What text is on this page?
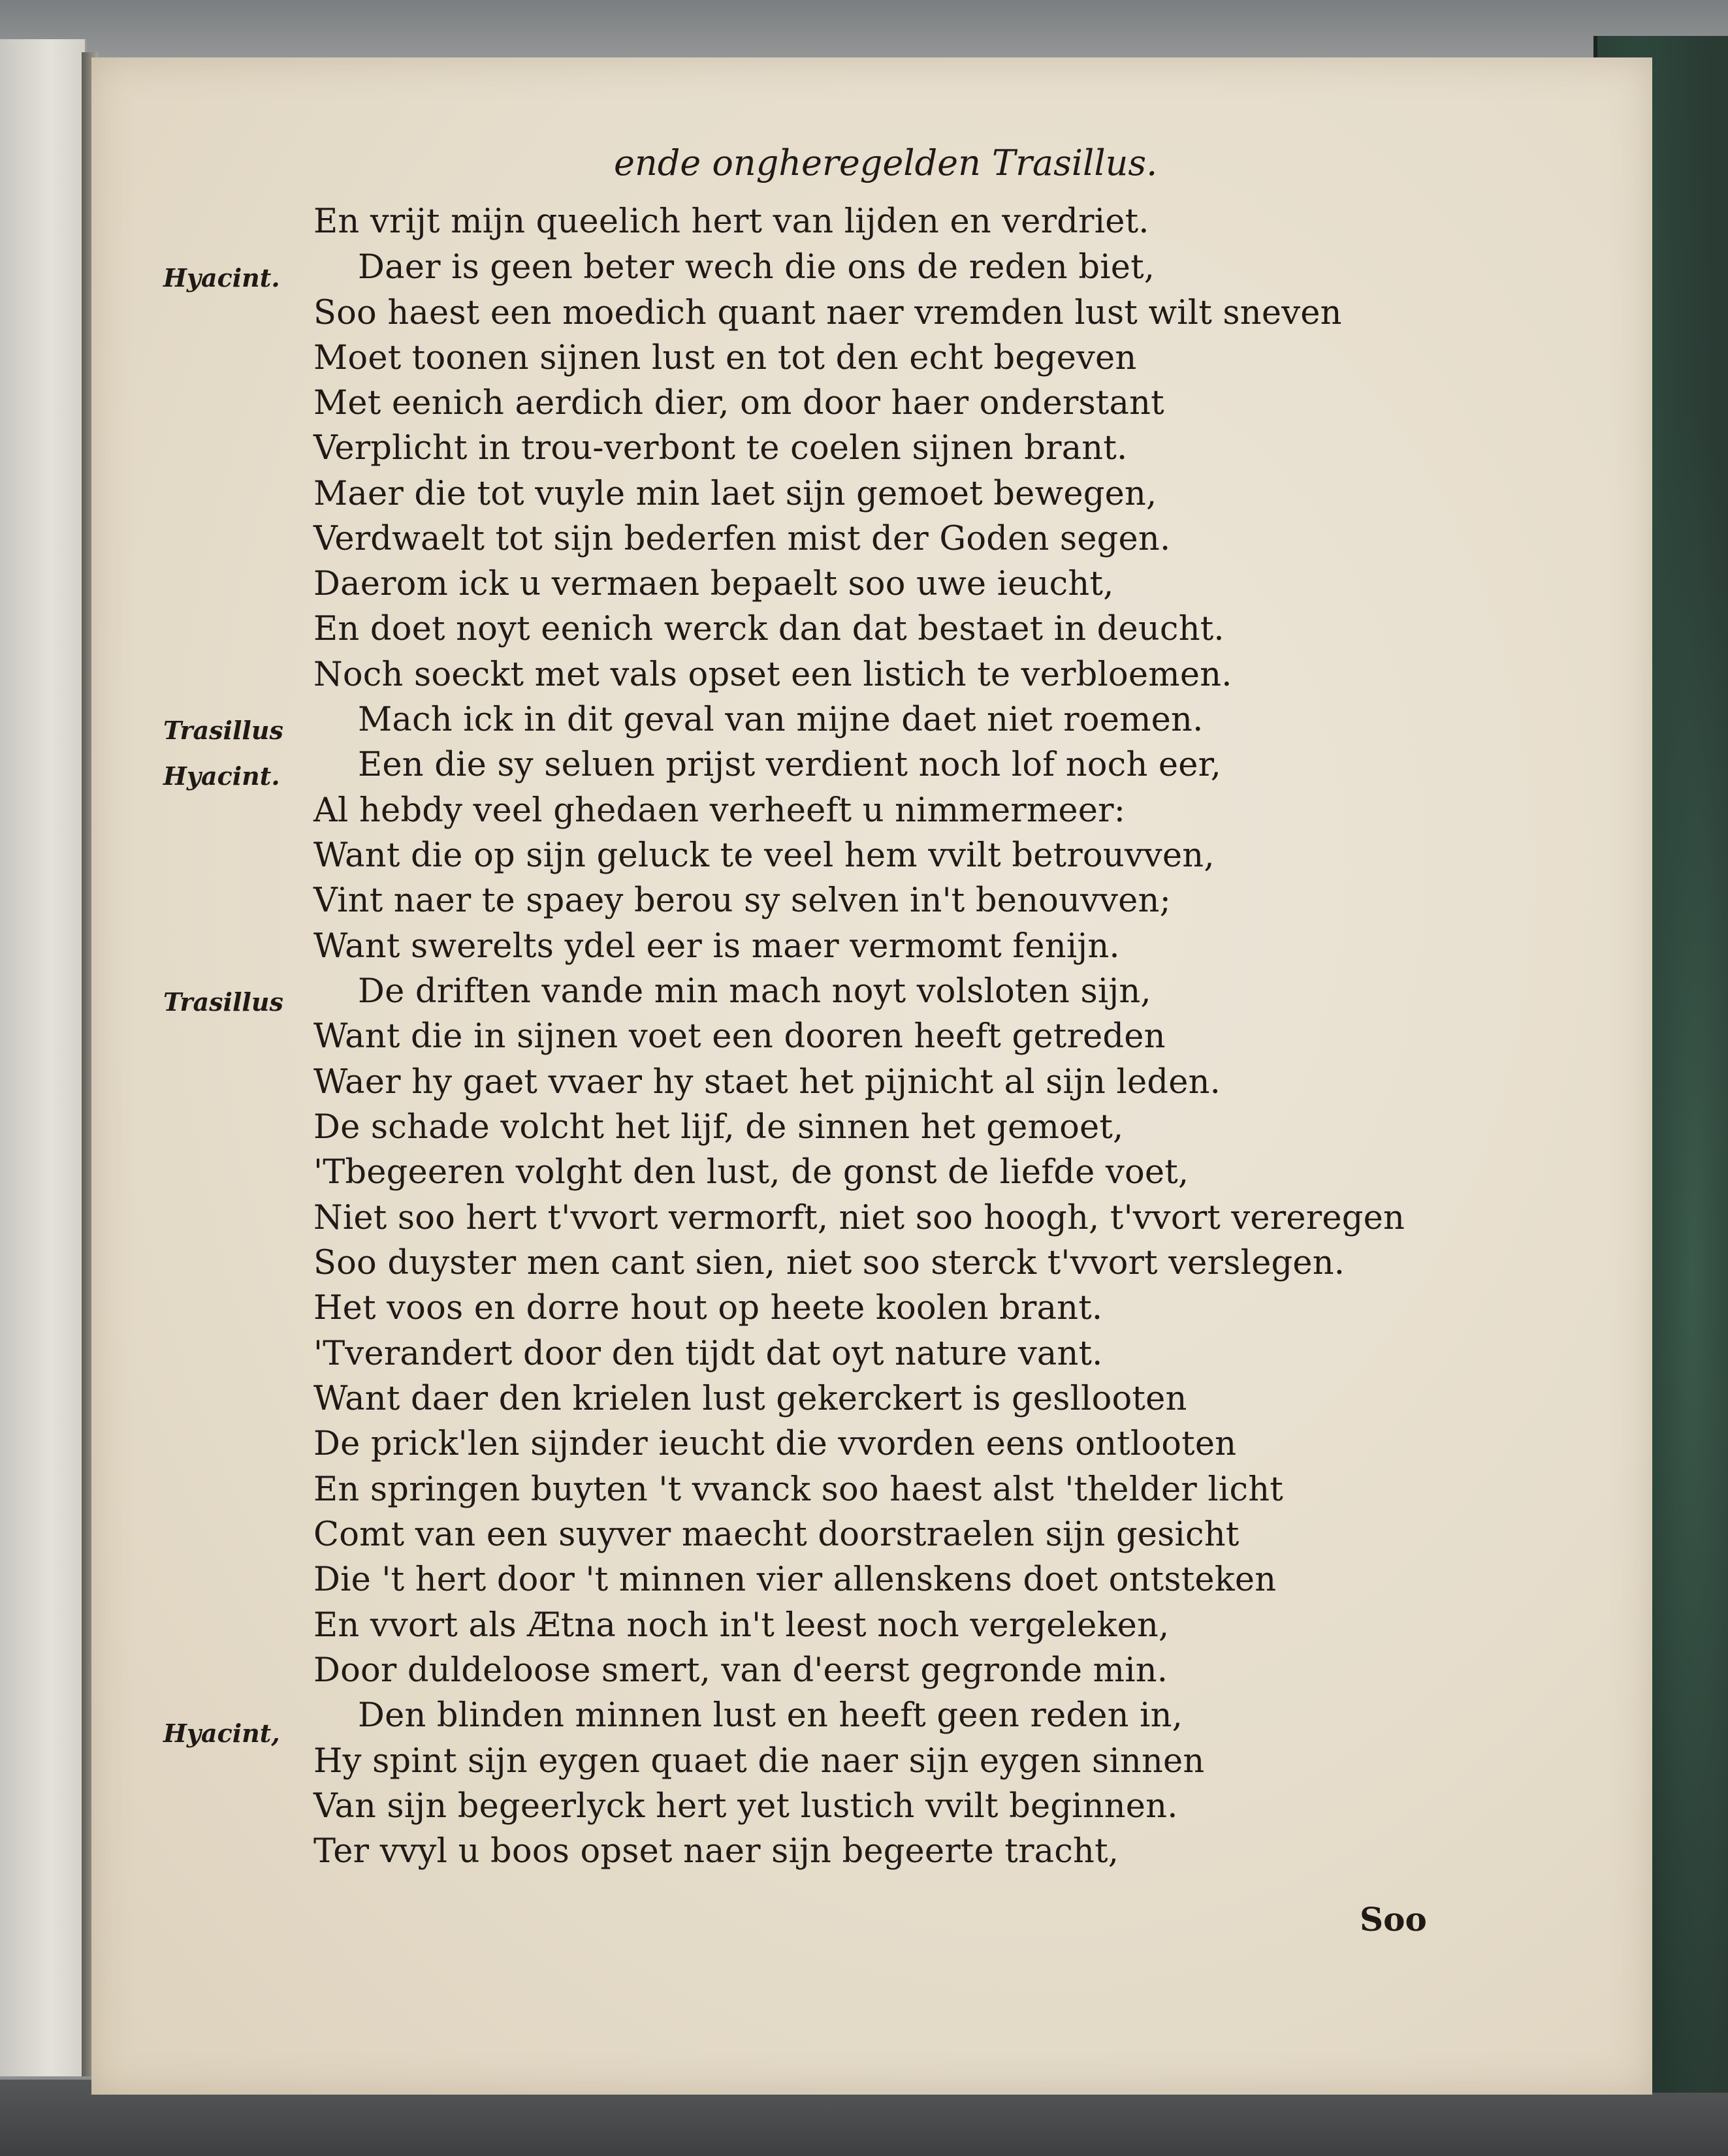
ende ongheregelden Trasillus.

Hyacint.

Trasillus

Hyacint.

Trasillus

Hyacint,

En vrijt mijn queelich hert van lijden en verdriet.

Daer is geen beter wech die ons de reden biet,

Soo haest een moedich quant naer vremden lust wilt sneven

Moet toonen sijnen lust en tot den echt begeven

Met eenich aerdich dier, om door haer onderstant

Verplicht in trou-verbont te coelen sijnen brant.

Maer die tot vuyle min laet sijn gemoet bewegen,

Verdwaelt tot sijn bederfen mist der Goden segen.

Daerom ick u vermaen bepaelt soo uwe ieucht,

En doet noyt eenich werck dan dat bestaet in deucht.

Noch soeckt met vals opset een listich te verbloemen.

Mach ick in dit geval van mijne daet niet roemen.

Een die sy seluen prijst verdient noch lof noch eer,

Al hebdy veel ghedaen verheeft u nimmermeer:

Want die op sijn geluck te veel hem vvilt betrouvven,

Vint naer te spaey berou sy selven in't benouvven;

Want swerelts ydel eer is maer vermomt fenijn.

De driften vande min mach noyt volsloten sijn,

Want die in sijnen voet een dooren heeft getreden

Waer hy gaet vvaer hy staet het pijnicht al sijn leden.

De schade volcht het lijf, de sinnen het gemoet,

'Tbegeeren volght den lust, de gonst de liefde voet,

Niet soo hert t'vvort vermorft, niet soo hoogh, t'vvort vereregen

Soo duyster men cant sien, niet soo sterck t'vvort verslegen.

Het voos en dorre hout op heete koolen brant.

'Tverandert door den tijdt dat oyt nature vant.

Want daer den krielen lust gekerckert is gesllooten

De prick'len sijnder ieucht die vvorden eens ontlooten

En springen buyten 't vvanck soo haest alst 'thelder licht

Comt van een suyver maecht doorstraelen sijn gesicht

Die 't hert door 't minnen vier allenskens doet ontsteken

En vvort als Ætna noch in't leest noch vergeleken,

Door duldeloose smert, van d'eerst gegronde min.

Den blinden minnen lust en heeft geen reden in,

Hy spint sijn eygen quaet die naer sijn eygen sinnen

Van sijn begeerlyck hert yet lustich vvilt beginnen.

Ter vvyl u boos opset naer sijn begeerte tracht,

Soo
